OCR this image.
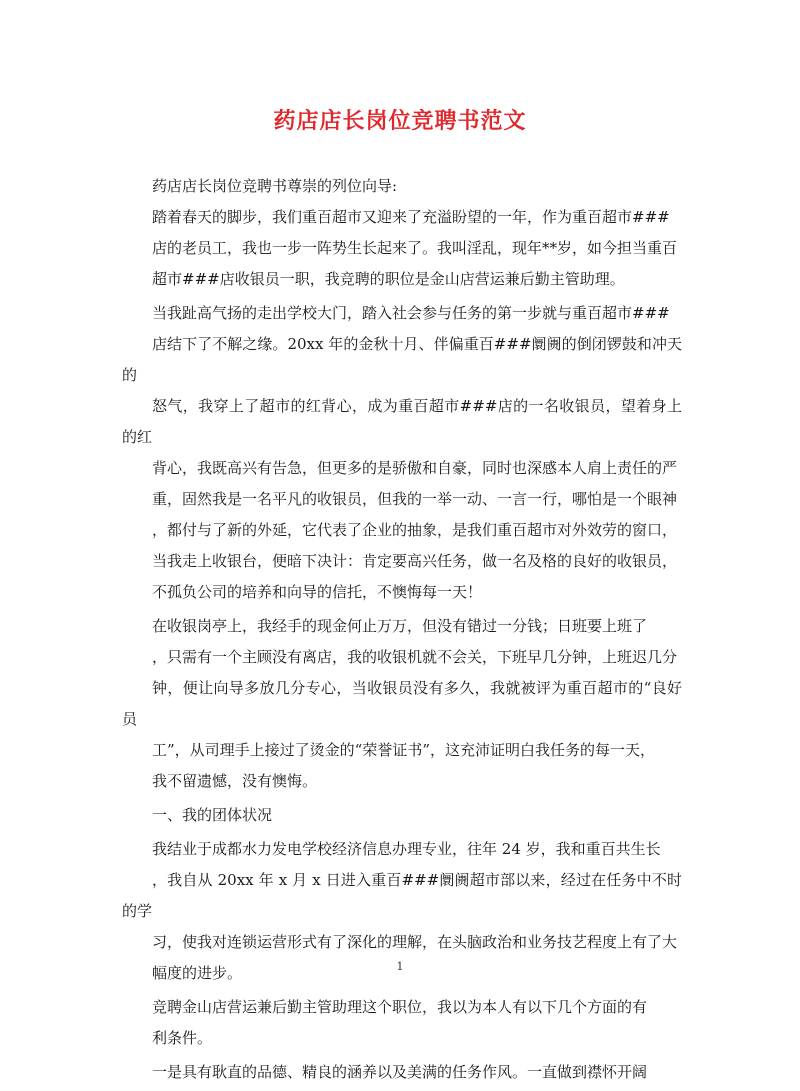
药店店长岗位竞聘书范文

药店店长岗位竞聘书尊崇的列位向导:

踏着春天的脚步，我们重百超市又迎来了充溢盼望的一年，作为重百超市###
店的老员工，我也一步一阵势生长起来了。我叫淫乱，现年**岁，如今担当重百
超市###店收银员一职，我竞聘的职位是金山店营运兼后勤主管助理。

当我趾高气扬的走出学校大门，踏入社会参与任务的第一步就与重百超市###
店结下了不解之缘。20xx 年的金秋十月、伴偏重百###阛阓的倒闭锣鼓和冲天的
怒气，我穿上了超市的红背心，成为重百超市###店的一名收银员，望着身上的红
背心，我既高兴有告急，但更多的是骄傲和自豪，同时也深感本人肩上责任的严
重，固然我是一名平凡的收银员，但我的一举一动、一言一行，哪怕是一个眼神
，都付与了新的外延，它代表了企业的抽象，是我们重百超市对外效劳的窗口，
当我走上收银台，便暗下决计：肯定要高兴任务，做一名及格的良好的收银员，
不孤负公司的培养和向导的信托，不懊悔每一天！

在收银岗亭上，我经手的现金何止万万，但没有错过一分钱；日班要上班了
，只需有一个主顾没有离店，我的收银机就不会关，下班早几分钟，上班迟几分
钟，便让向导多放几分专心，当收银员没有多久，我就被评为重百超市的“良好员
工”，从司理手上接过了烫金的“荣誉证书”，这充沛证明白我任务的每一天，
我不留遗憾，没有懊悔。

一、我的团体状况

我结业于成都水力发电学校经济信息办理专业，往年 24 岁，我和重百共生长
，我自从 20xx 年 x 月 x 日进入重百###阛阓超市部以来，经过在任务中不时的学
习，使我对连锁运营形式有了深化的理解，在头脑政治和业务技艺程度上有了大
幅度的进步。

竞聘金山店营运兼后勤主管助理这个职位，我以为本人有以下几个方面的有
利条件。

一是具有耿直的品德、精良的涵养以及美满的任务作风。一直做到襟怀开阔

1
